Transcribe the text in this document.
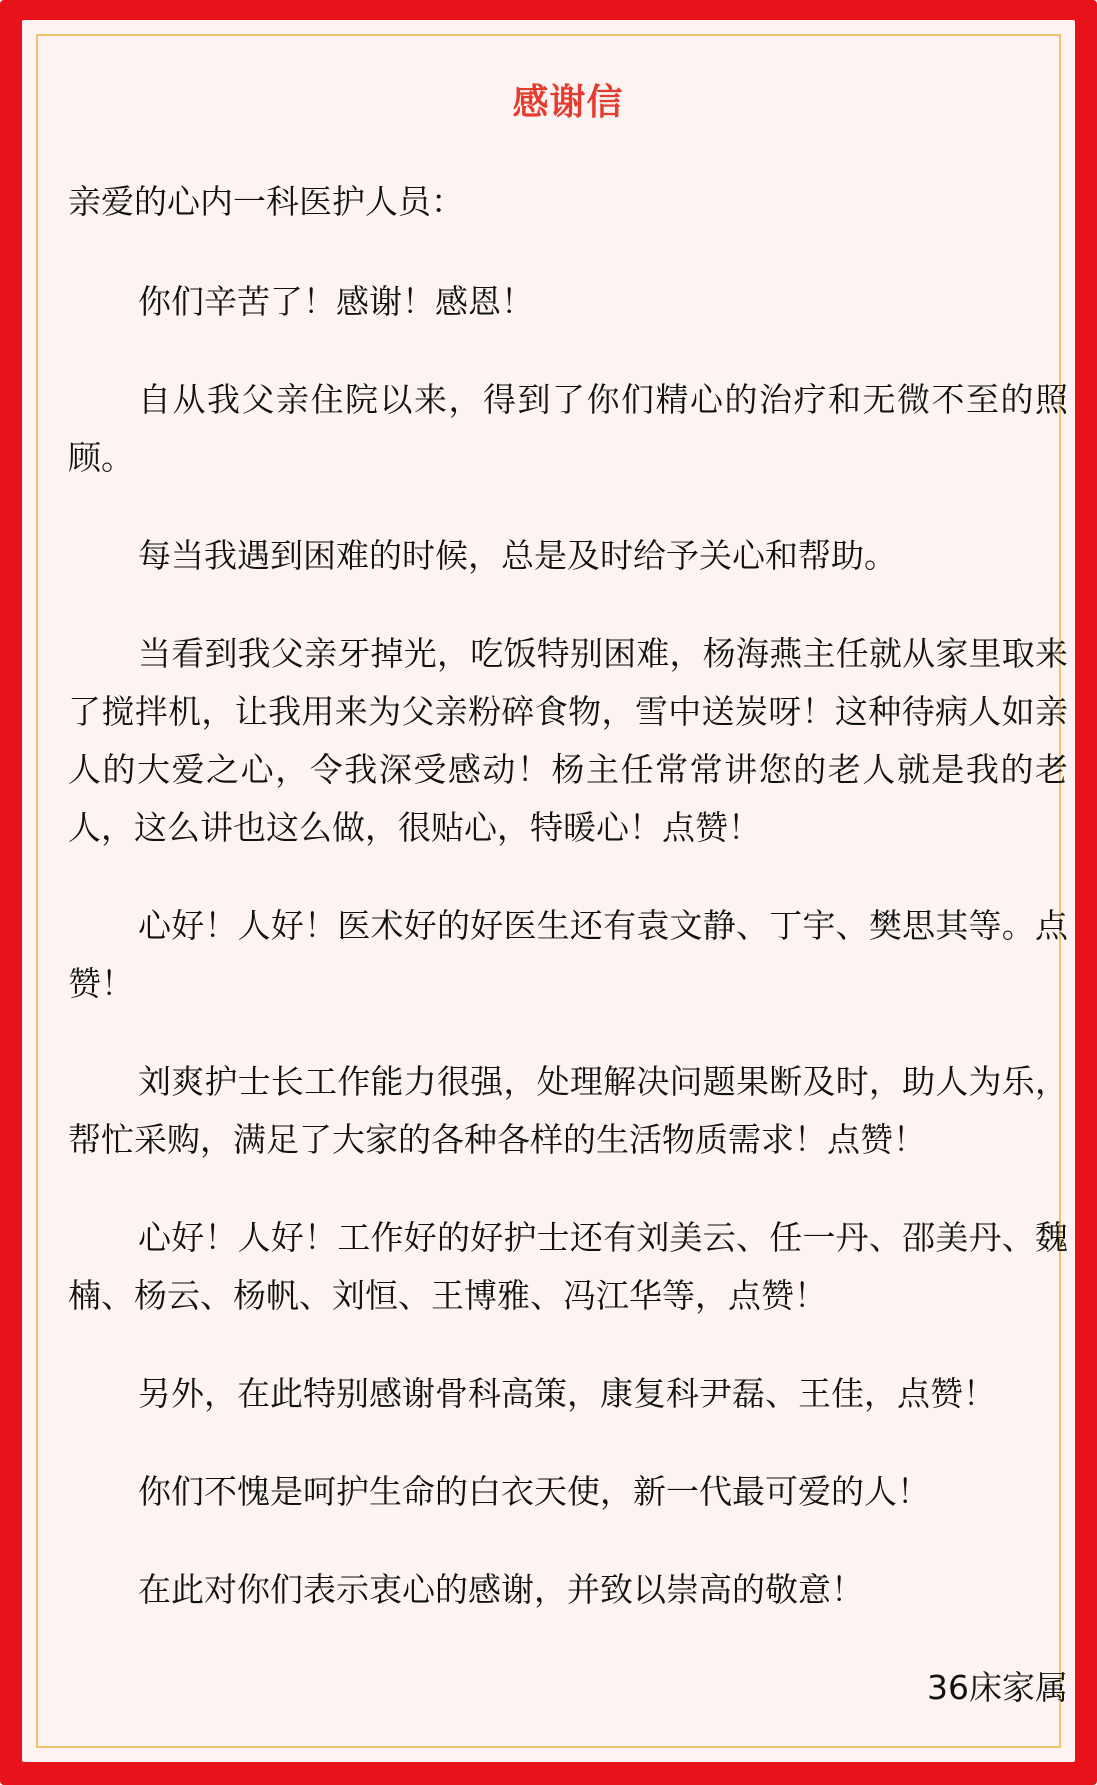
感谢信
亲爱的心内一科医护人员：

你们辛苦了！感谢！感恩！

自从我父亲住院以来，得到了你们精心的治疗和无微不至的照顾。

每当我遇到困难的时候，总是及时给予关心和帮助。

当看到我父亲牙掉光，吃饭特别困难，杨海燕主任就从家里取来了搅拌机，让我用来为父亲粉碎食物，雪中送炭呀！这种待病人如亲人的大爱之心，令我深受感动！杨主任常常讲您的老人就是我的老人，这么讲也这么做，很贴心，特暖心！点赞！

心好！人好！医术好的好医生还有袁文静、丁宇、樊思其等。点赞！

刘爽护士长工作能力很强，处理解决问题果断及时，助人为乐，帮忙采购，满足了大家的各种各样的生活物质需求！点赞！

心好！人好！工作好的好护士还有刘美云、任一丹、邵美丹、魏楠、杨云、杨帆、刘恒、王博雅、冯江华等，点赞！

另外，在此特别感谢骨科高策，康复科尹磊、王佳，点赞！

你们不愧是呵护生命的白衣天使，新一代最可爱的人！

在此对你们表示衷心的感谢，并致以崇高的敬意！

36床家属
